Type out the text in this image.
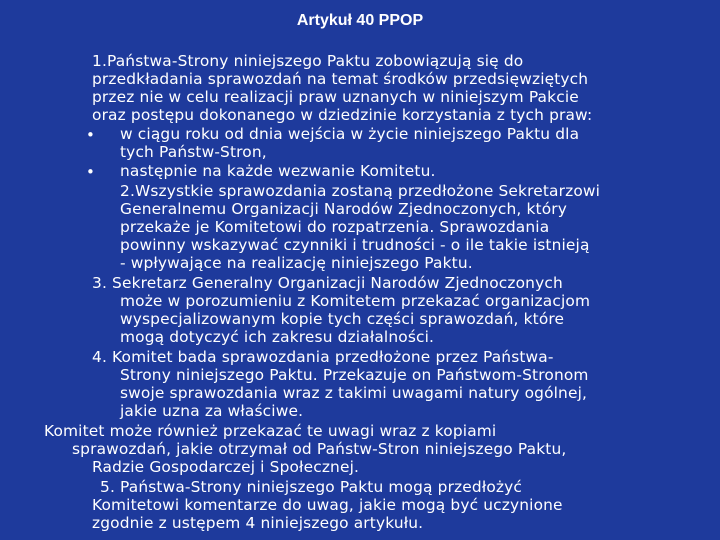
Artykuł 40 PPOP
•
•
1.Państwa-Strony niniejszego Paktu zobowiązują się do
przedkładania sprawozdań na temat środków przedsięwziętych
przez nie w celu realizacji praw uznanych w niniejszym Pakcie
oraz postępu dokonanego w dziedzinie korzystania z tych praw:
w ciągu roku od dnia wejścia w życie niniejszego Paktu dla
tych Państw-Stron,
następnie na każde wezwanie Komitetu.
2.Wszystkie sprawozdania zostaną przedłożone Sekretarzowi
Generalnemu Organizacji Narodów Zjednoczonych, który
przekaże je Komitetowi do rozpatrzenia. Sprawozdania
powinny wskazywać czynniki i trudności - o ile takie istnieją
- wpływające na realizację niniejszego Paktu.
3. Sekretarz Generalny Organizacji Narodów Zjednoczonych
może w porozumieniu z Komitetem przekazać organizacjom
wyspecjalizowanym kopie tych części sprawozdań, które
mogą dotyczyć ich zakresu działalności.
4. Komitet bada sprawozdania przedłożone przez Państwa-
Strony niniejszego Paktu. Przekazuje on Państwom-Stronom
swoje sprawozdania wraz z takimi uwagami natury ogólnej,
jakie uzna za właściwe.
Komitet może również przekazać te uwagi wraz z kopiami
sprawozdań, jakie otrzymał od Państw-Stron niniejszego Paktu,
Radzie Gospodarczej i Społecznej.
5. Państwa-Strony niniejszego Paktu mogą przedłożyć
Komitetowi komentarze do uwag, jakie mogą być uczynione
zgodnie z ustępem 4 niniejszego artykułu.
